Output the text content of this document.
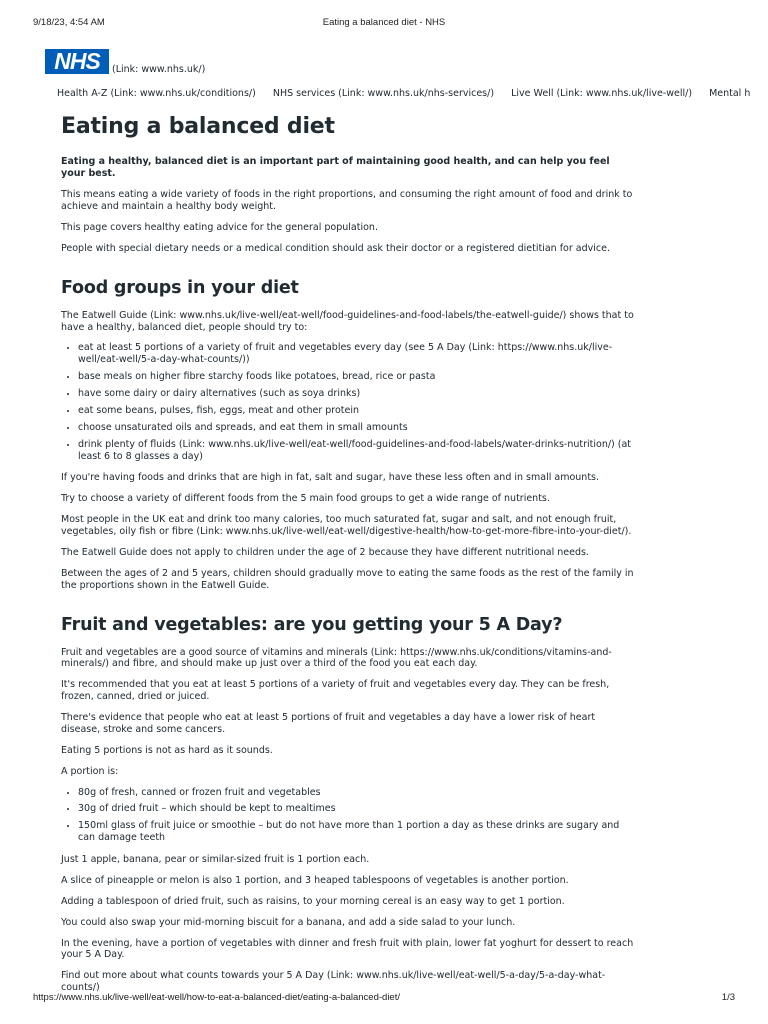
9/18/23, 4:54 AM	Eating a balanced diet - NHS
NHS	(Link: www.nhs.uk/)
Health A-Z (Link: www.nhs.uk/conditions/) NHS services (Link: www.nhs.uk/nhs-services/) Live Well (Link: www.nhs.uk/live-well/) Mental h
Eating a balanced diet

Eating a healthy, balanced diet is an important part of maintaining good health, and can help you feel your best.

This means eating a wide variety of foods in the right proportions, and consuming the right amount of food and drink to achieve and maintain a healthy body weight.

This page covers healthy eating advice for the general population.

People with special dietary needs or a medical condition should ask their doctor or a registered dietitian for advice.

Food groups in your diet

The Eatwell Guide (Link: www.nhs.uk/live-well/eat-well/food-guidelines-and-food-labels/the-eatwell-guide/) shows that to have a healthy, balanced diet, people should try to:

• eat at least 5 portions of a variety of fruit and vegetables every day (see 5 A Day (Link: https://www.nhs.uk/live-well/eat-well/5-a-day-what-counts/))
• base meals on higher fibre starchy foods like potatoes, bread, rice or pasta
• have some dairy or dairy alternatives (such as soya drinks)
• eat some beans, pulses, fish, eggs, meat and other protein
• choose unsaturated oils and spreads, and eat them in small amounts
• drink plenty of fluids (Link: www.nhs.uk/live-well/eat-well/food-guidelines-and-food-labels/water-drinks-nutrition/) (at least 6 to 8 glasses a day)

If you're having foods and drinks that are high in fat, salt and sugar, have these less often and in small amounts.

Try to choose a variety of different foods from the 5 main food groups to get a wide range of nutrients.

Most people in the UK eat and drink too many calories, too much saturated fat, sugar and salt, and not enough fruit, vegetables, oily fish or fibre (Link: www.nhs.uk/live-well/eat-well/digestive-health/how-to-get-more-fibre-into-your-diet/).

The Eatwell Guide does not apply to children under the age of 2 because they have different nutritional needs.

Between the ages of 2 and 5 years, children should gradually move to eating the same foods as the rest of the family in the proportions shown in the Eatwell Guide.

Fruit and vegetables: are you getting your 5 A Day?

Fruit and vegetables are a good source of vitamins and minerals (Link: https://www.nhs.uk/conditions/vitamins-and-minerals/) and fibre, and should make up just over a third of the food you eat each day.

It's recommended that you eat at least 5 portions of a variety of fruit and vegetables every day. They can be fresh, frozen, canned, dried or juiced.

There's evidence that people who eat at least 5 portions of fruit and vegetables a day have a lower risk of heart disease, stroke and some cancers.

Eating 5 portions is not as hard as it sounds.

A portion is:

• 80g of fresh, canned or frozen fruit and vegetables
• 30g of dried fruit – which should be kept to mealtimes
• 150ml glass of fruit juice or smoothie – but do not have more than 1 portion a day as these drinks are sugary and can damage teeth

Just 1 apple, banana, pear or similar-sized fruit is 1 portion each.

A slice of pineapple or melon is also 1 portion, and 3 heaped tablespoons of vegetables is another portion.

Adding a tablespoon of dried fruit, such as raisins, to your morning cereal is an easy way to get 1 portion.

You could also swap your mid-morning biscuit for a banana, and add a side salad to your lunch.

In the evening, have a portion of vegetables with dinner and fresh fruit with plain, lower fat yoghurt for dessert to reach your 5 A Day.

Find out more about what counts towards your 5 A Day (Link: www.nhs.uk/live-well/eat-well/5-a-day/5-a-day-what-counts/)

https://www.nhs.uk/live-well/eat-well/how-to-eat-a-balanced-diet/eating-a-balanced-diet/	1/3
